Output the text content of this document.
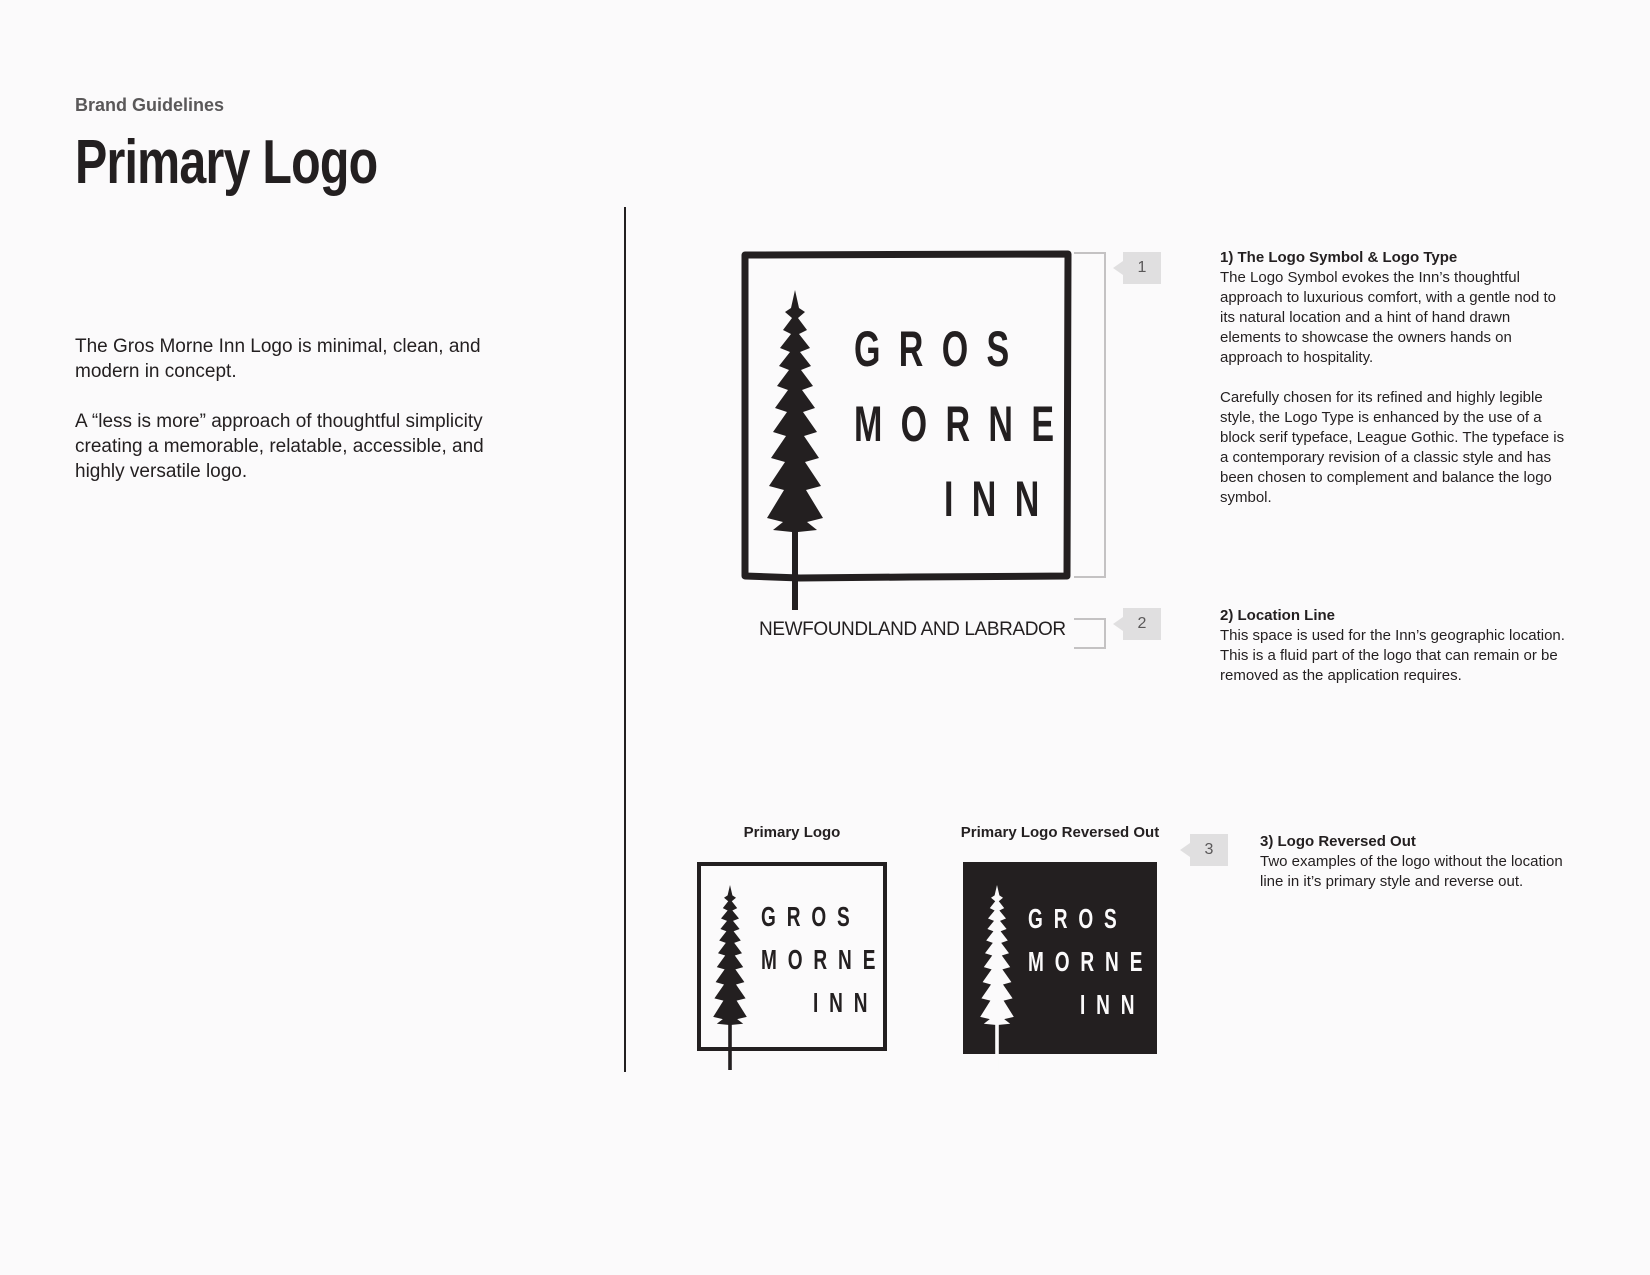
Brand Guidelines
Primary Logo
The Gros Morne Inn Logo is minimal, clean, and modern in concept.
A “less is more” approach of thoughtful simplicity creating a memorable, relatable, accessible, and highly versatile logo.
GROS
MORNE
INN
NEWFOUNDLAND AND LABRADOR
1
2
3
1) The Logo Symbol & Logo Type

The Logo Symbol evokes the Inn’s thoughtful approach to luxurious comfort, with a gentle nod to its natural location and a hint of hand drawn elements to showcase the owners hands on approach to hospitality.

Carefully chosen for its refined and highly legible style, the Logo Type is enhanced by the use of a block serif typeface, League Gothic. The typeface is a contemporary revision of a classic style and has been chosen to complement and balance the logo symbol.

2) Location Line

This space is used for the Inn’s geographic location. This is a fluid part of the logo that can remain or be removed as the application requires.

3) Logo Reversed Out

Two examples of the logo without the location line in it’s primary style and reverse out.

Primary Logo	Primary Logo Reversed Out
GROS
MORNE
INN
GROS
MORNE
INN
